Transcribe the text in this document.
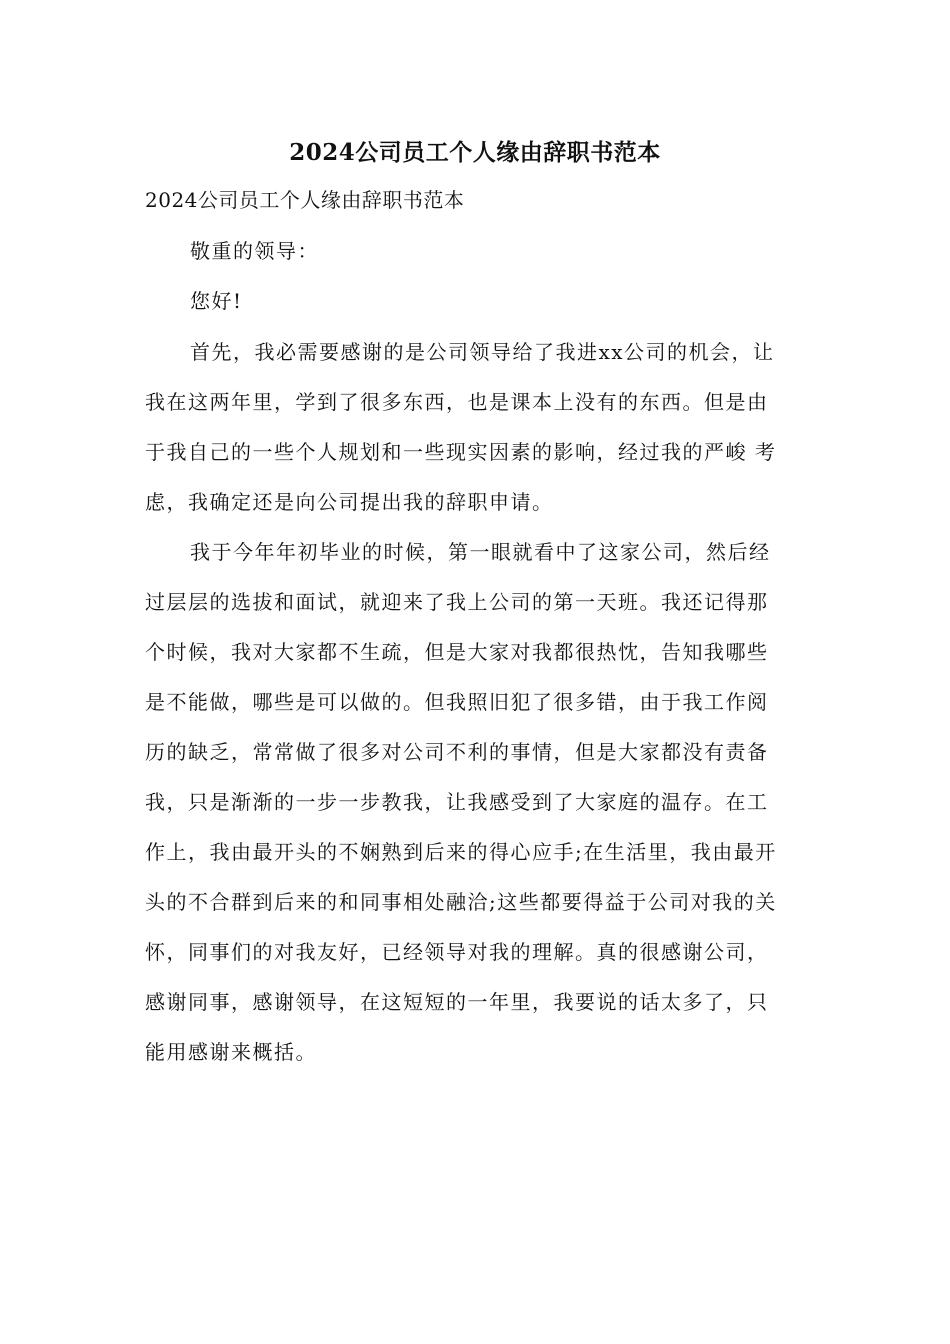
2024公司员工个人缘由辞职书范本
2024公司员工个人缘由辞职书范本
敬重的领导：
您好!
首先，我必需要感谢的是公司领导给了我进xx公司的机会，让
我在这两年里，学到了很多东西，也是课本上没有的东西。但是由
于我自己的一些个人规划和一些现实因素的影响，经过我的严峻 考
虑，我确定还是向公司提出我的辞职申请。
我于今年年初毕业的时候，第一眼就看中了这家公司，然后经
过层层的选拔和面试，就迎来了我上公司的第一天班。我还记得那
个时候，我对大家都不生疏，但是大家对我都很热忱，告知我哪些
是不能做，哪些是可以做的。但我照旧犯了很多错，由于我工作阅
历的缺乏，常常做了很多对公司不利的事情，但是大家都没有责备
我，只是渐渐的一步一步教我，让我感受到了大家庭的温存。在工
作上，我由最开头的不娴熟到后来的得心应手;在生活里，我由最开
头的不合群到后来的和同事相处融洽;这些都要得益于公司对我的关
怀，同事们的对我友好，已经领导对我的理解。真的很感谢公司，
感谢同事，感谢领导，在这短短的一年里，我要说的话太多了，只
能用感谢来概括。
